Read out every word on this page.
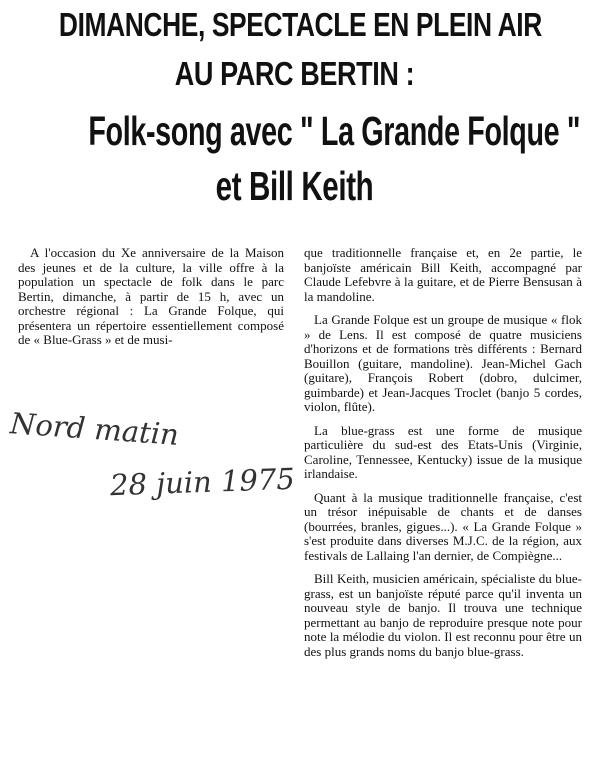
DIMANCHE, SPECTACLE EN PLEIN AIR
AU PARC BERTIN :
Folk-song avec " La Grande Folque "
et Bill Keith

A l'occasion du Xe anniversaire de la Maison des jeunes et de la culture, la ville offre à la population un spectacle de folk dans le parc Bertin, dimanche, à partir de 15 h, avec un orchestre régional : La Grande Folque, qui présentera un répertoire essentiellement composé de « Blue-Grass » et de musi-

que traditionnelle française et, en 2e partie, le banjoïste américain Bill Keith, accompagné par Claude Lefebvre à la guitare, et de Pierre Bensusan à la mandoline.

La Grande Folque est un groupe de musique « flok » de Lens. Il est composé de quatre musiciens d'horizons et de formations très différents : Bernard Bouillon (guitare, mandoline). Jean-Michel Gach (guitare), François Robert (dobro, dulcimer, guimbarde) et Jean-Jacques Troclet (banjo 5 cordes, violon, flûte).

La blue-grass est une forme de musique particulière du sud-est des Etats-Unis (Virginie, Caroline, Tennessee, Kentucky) issue de la musique irlandaise.

Quant à la musique traditionnelle française, c'est un trésor inépuisable de chants et de danses (bourrées, branles, gigues...). « La Grande Folque » s'est produite dans diverses M.J.C. de la région, aux festivals de Lallaing l'an dernier, de Compiègne...

Bill Keith, musicien américain, spécialiste du blue-grass, est un banjoïste réputé parce qu'il inventa un nouveau style de banjo. Il trouva une technique permettant au banjo de reproduire presque note pour note la mélodie du violon. Il est reconnu pour être un des plus grands noms du banjo blue-grass.

Nord matin
28 juin 1975
